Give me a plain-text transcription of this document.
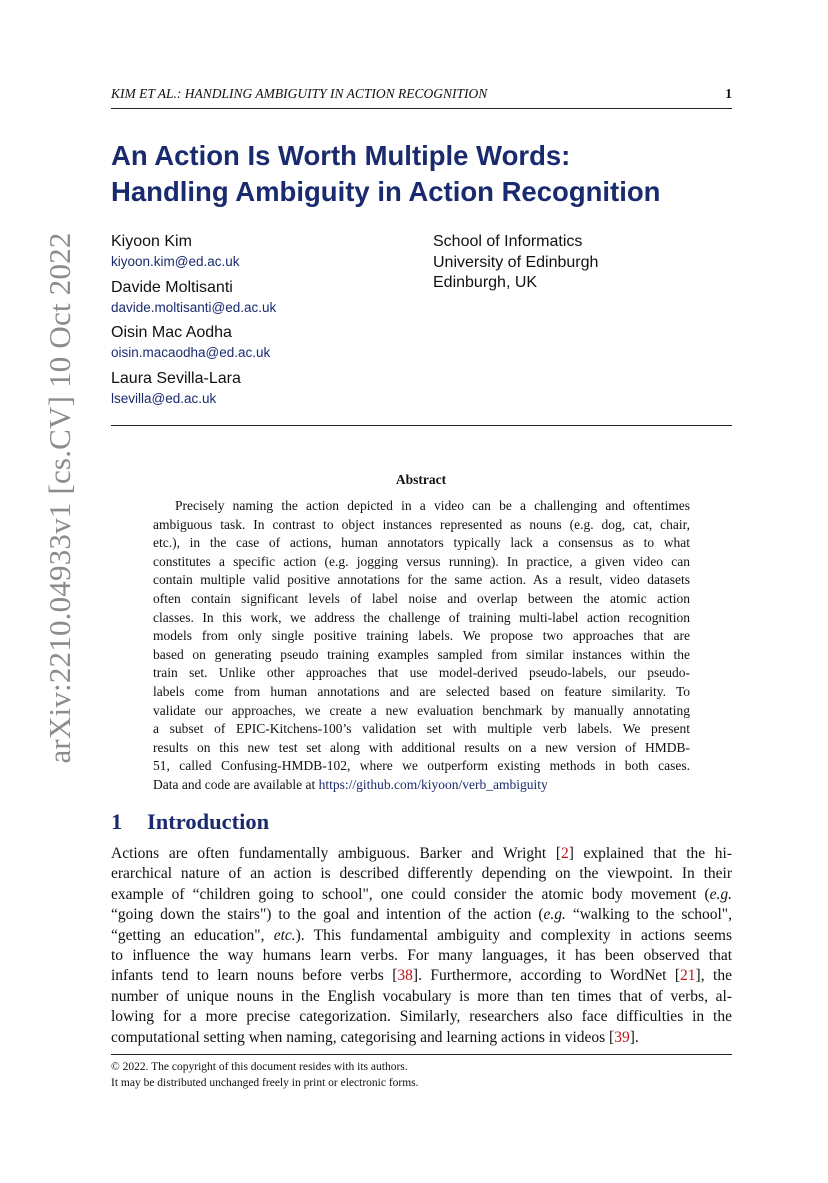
arXiv:2210.04933v1 [cs.CV] 10 Oct 2022
KIM ET AL.: HANDLING AMBIGUITY IN ACTION RECOGNITION	1
An Action Is Worth Multiple Words:
Handling Ambiguity in Action Recognition
Kiyoon Kim
kiyoon.kim@ed.ac.uk
Davide Moltisanti
davide.moltisanti@ed.ac.uk
Oisin Mac Aodha
oisin.macaodha@ed.ac.uk
Laura Sevilla-Lara
lsevilla@ed.ac.uk
School of Informatics
University of Edinburgh
Edinburgh, UK
Abstract
Precisely naming the action depicted in a video can be a challenging and oftentimes
ambiguous task. In contrast to object instances represented as nouns (e.g. dog, cat, chair,
etc.), in the case of actions, human annotators typically lack a consensus as to what
constitutes a specific action (e.g. jogging versus running). In practice, a given video can
contain multiple valid positive annotations for the same action. As a result, video datasets
often contain significant levels of label noise and overlap between the atomic action
classes. In this work, we address the challenge of training multi-label action recognition
models from only single positive training labels. We propose two approaches that are
based on generating pseudo training examples sampled from similar instances within the
train set. Unlike other approaches that use model-derived pseudo-labels, our pseudo-
labels come from human annotations and are selected based on feature similarity. To
validate our approaches, we create a new evaluation benchmark by manually annotating
a subset of EPIC-Kitchens-100’s validation set with multiple verb labels. We present
results on this new test set along with additional results on a new version of HMDB-
51, called Confusing-HMDB-102, where we outperform existing methods in both cases.
Data and code are available at https://github.com/kiyoon/verb_ambiguity
1 Introduction
Actions are often fundamentally ambiguous. Barker and Wright [2] explained that the hi-
erarchical nature of an action is described differently depending on the viewpoint. In their
example of “children going to school", one could consider the atomic body movement (e.g.
“going down the stairs") to the goal and intention of the action (e.g. “walking to the school",
“getting an education", etc.). This fundamental ambiguity and complexity in actions seems
to influence the way humans learn verbs. For many languages, it has been observed that
infants tend to learn nouns before verbs [38]. Furthermore, according to WordNet [21], the
number of unique nouns in the English vocabulary is more than ten times that of verbs, al-
lowing for a more precise categorization. Similarly, researchers also face difficulties in the
computational setting when naming, categorising and learning actions in videos [39].
© 2022. The copyright of this document resides with its authors.
It may be distributed unchanged freely in print or electronic forms.
